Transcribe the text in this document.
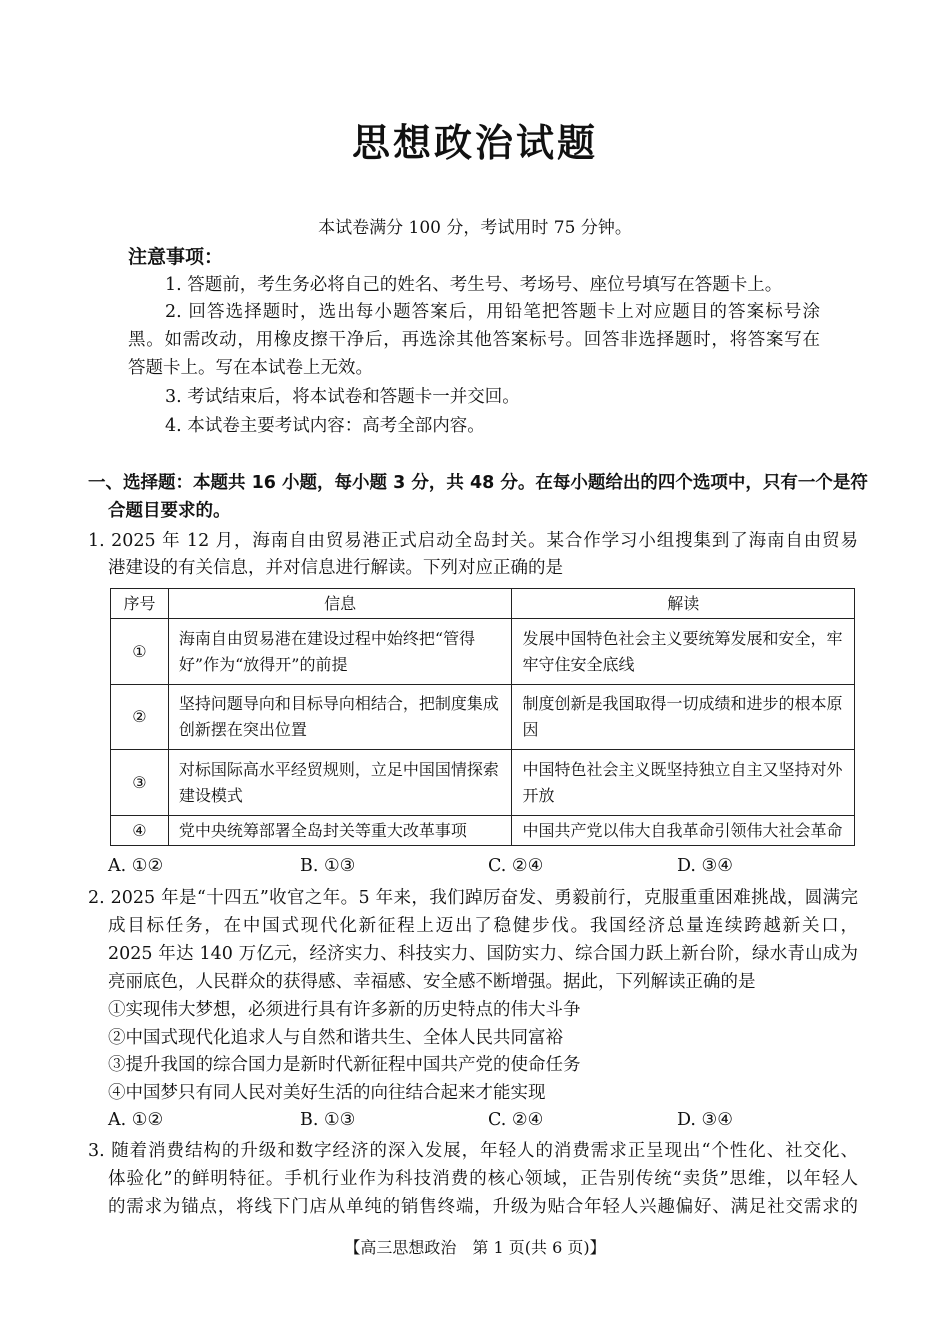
思想政治试题
本试卷满分 100 分，考试用时 75 分钟。
注意事项：
1. 答题前，考生务必将自己的姓名、考生号、考场号、座位号填写在答题卡上。
2. 回答选择题时，选出每小题答案后，用铅笔把答题卡上对应题目的答案标号涂
黑。如需改动，用橡皮擦干净后，再选涂其他答案标号。回答非选择题时，将答案写在
答题卡上。写在本试卷上无效。
3. 考试结束后，将本试卷和答题卡一并交回。
4. 本试卷主要考试内容：高考全部内容。
一、选择题：本题共 16 小题，每小题 3 分，共 48 分。在每小题给出的四个选项中，只有一个是符
合题目要求的。
1. 2025 年 12 月，海南自由贸易港正式启动全岛封关。某合作学习小组搜集到了海南自由贸易
港建设的有关信息，并对信息进行解读。下列对应正确的是
序号	信息	解读
①	海南自由贸易港在建设过程中始终把“管得好”作为“放得开”的前提	发展中国特色社会主义要统筹发展和安全，牢牢守住安全底线
②	坚持问题导向和目标导向相结合，把制度集成创新摆在突出位置	制度创新是我国取得一切成绩和进步的根本原因
③	对标国际高水平经贸规则，立足中国国情探索建设模式	中国特色社会主义既坚持独立自主又坚持对外开放
④	党中央统筹部署全岛封关等重大改革事项	中国共产党以伟大自我革命引领伟大社会革命
A. ①②	B. ①③	C. ②④	D. ③④
2. 2025 年是“十四五”收官之年。5 年来，我们踔厉奋发、勇毅前行，克服重重困难挑战，圆满完
成目标任务，在中国式现代化新征程上迈出了稳健步伐。我国经济总量连续跨越新关口，
2025 年达 140 万亿元，经济实力、科技实力、国防实力、综合国力跃上新台阶，绿水青山成为
亮丽底色，人民群众的获得感、幸福感、安全感不断增强。据此，下列解读正确的是
①实现伟大梦想，必须进行具有许多新的历史特点的伟大斗争
②中国式现代化追求人与自然和谐共生、全体人民共同富裕
③提升我国的综合国力是新时代新征程中国共产党的使命任务
④中国梦只有同人民对美好生活的向往结合起来才能实现
A. ①②	B. ①③	C. ②④	D. ③④
3. 随着消费结构的升级和数字经济的深入发展，年轻人的消费需求正呈现出“个性化、社交化、
体验化”的鲜明特征。手机行业作为科技消费的核心领域，正告别传统“卖货”思维，以年轻人
的需求为锚点，将线下门店从单纯的销售终端，升级为贴合年轻人兴趣偏好、满足社交需求的
【高三思想政治　第 1 页(共 6 页)】
